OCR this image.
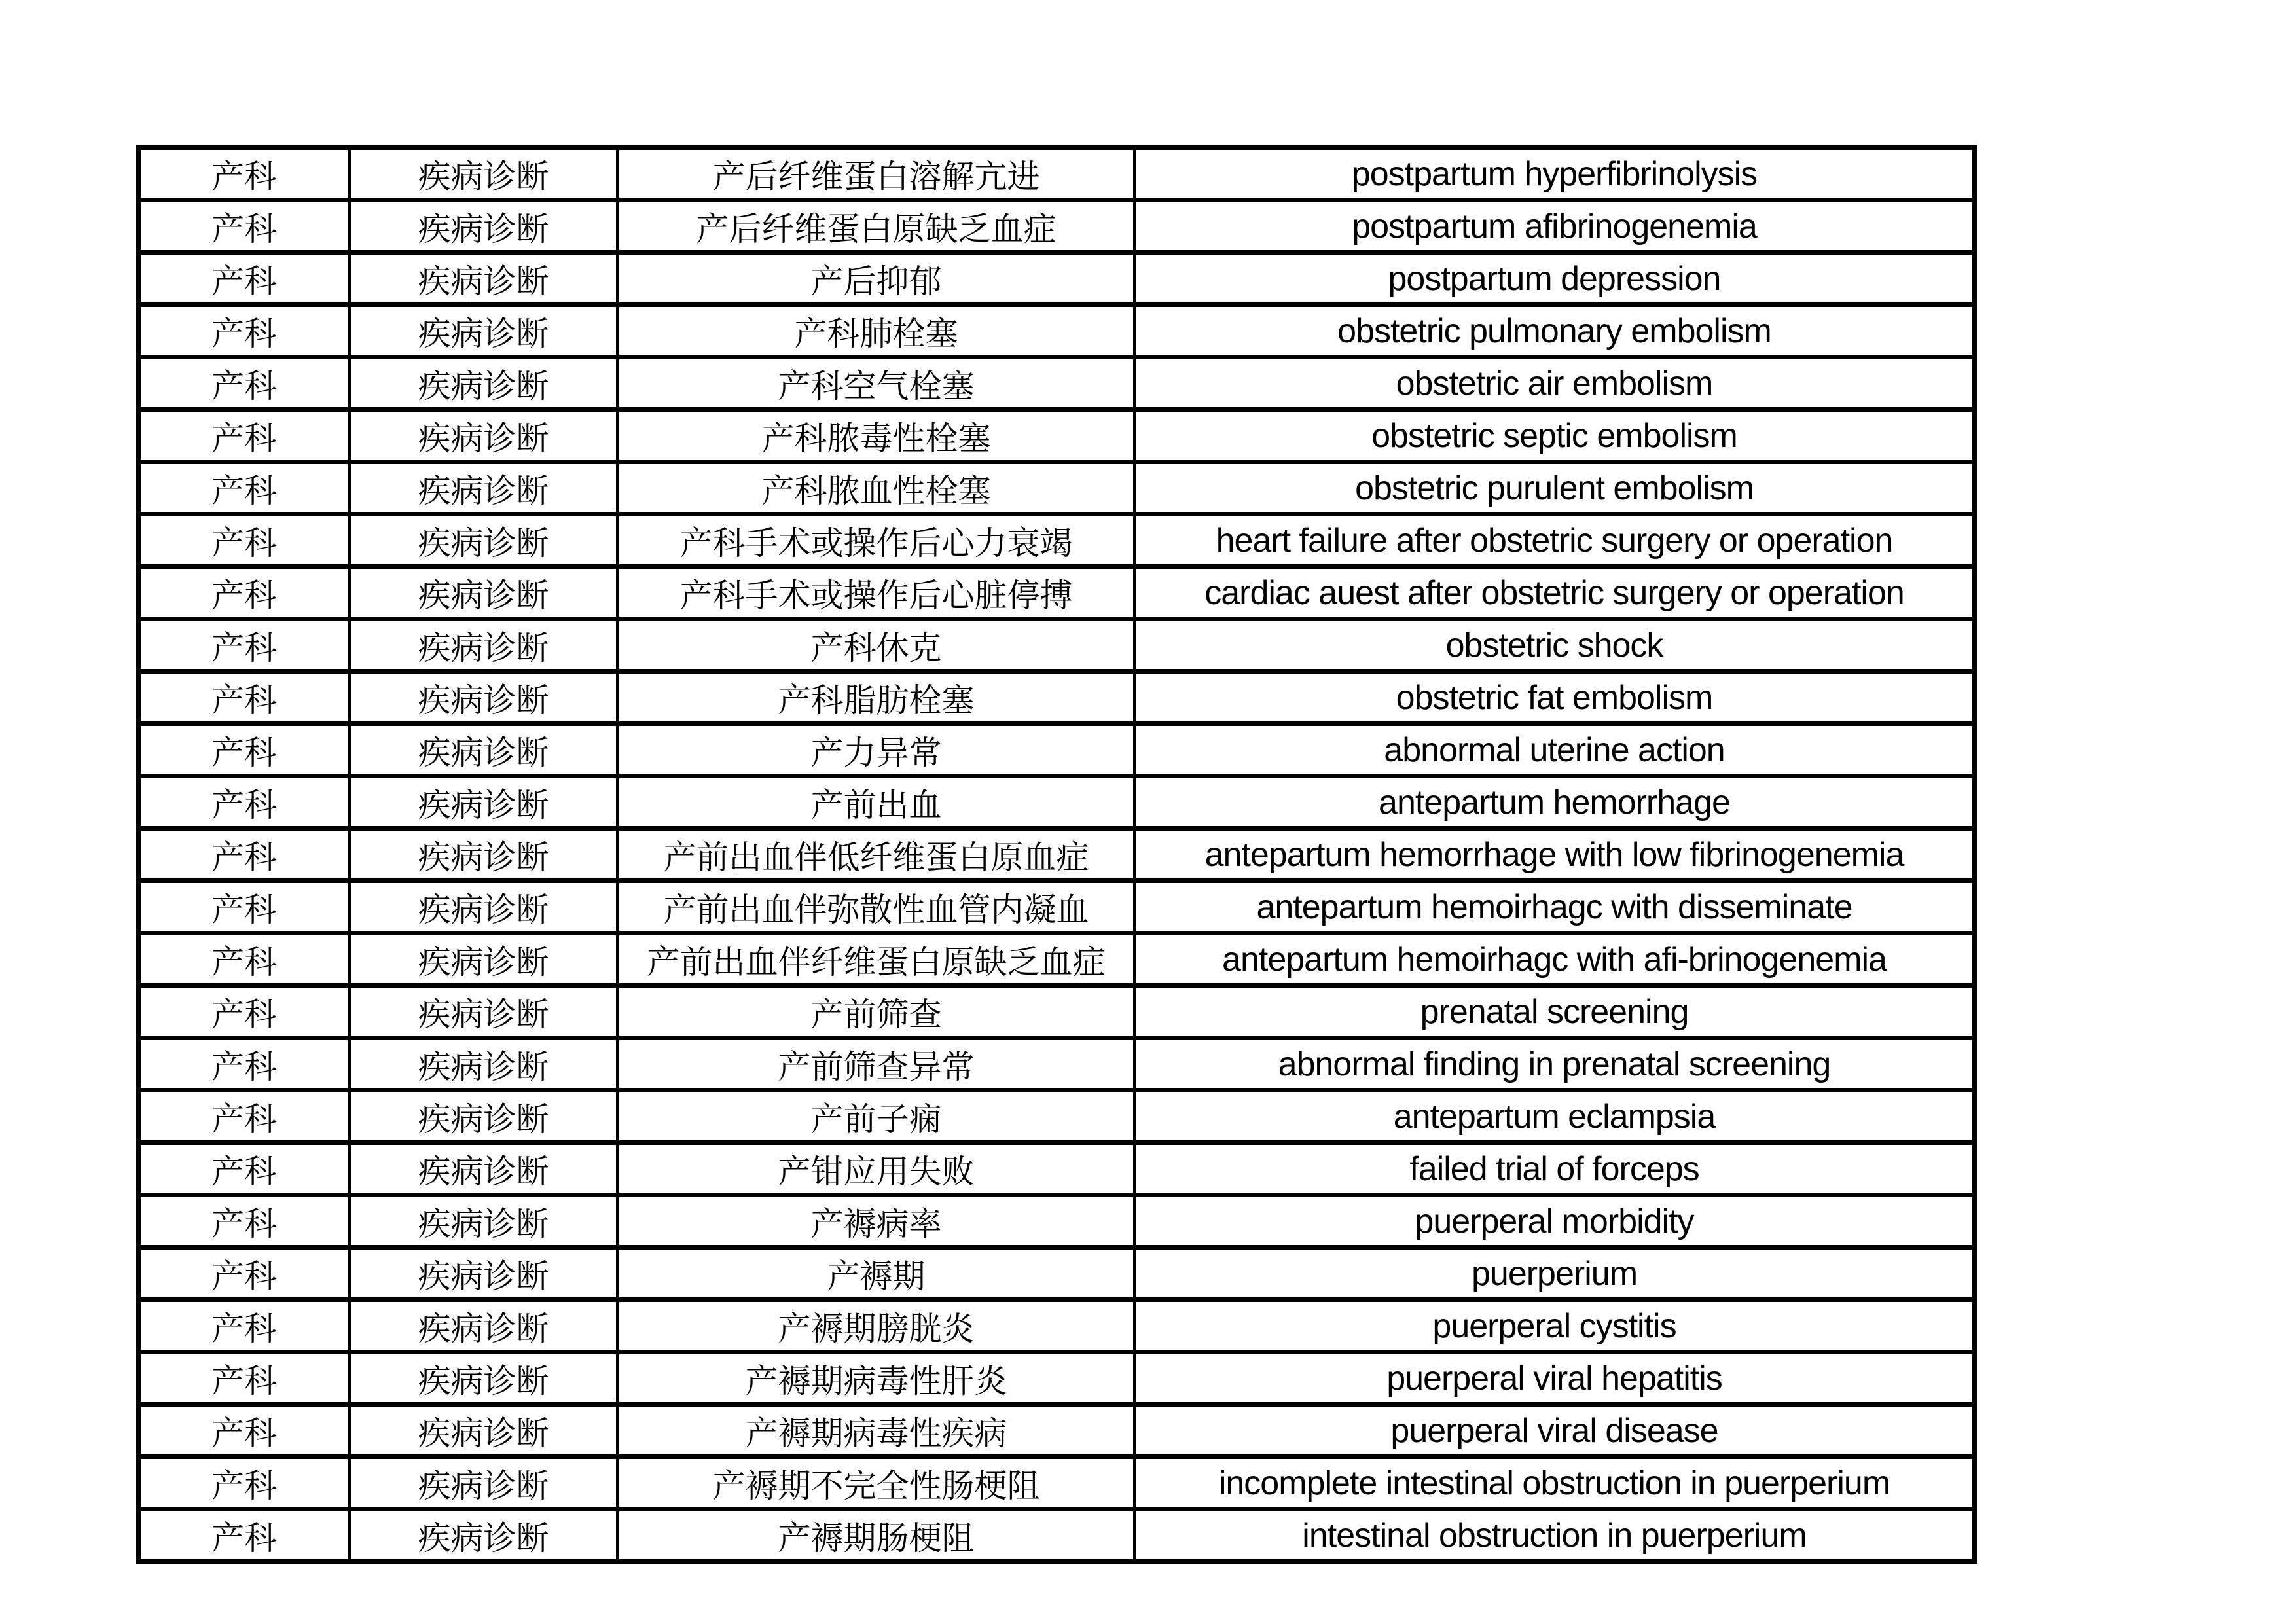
产科	疾病诊断	产后纤维蛋白溶解亢进	postpartum hyperfibrinolysis
产科	疾病诊断	产后纤维蛋白原缺乏血症	postpartum afibrinogenemia
产科	疾病诊断	产后抑郁	postpartum depression
产科	疾病诊断	产科肺栓塞	obstetric pulmonary embolism
产科	疾病诊断	产科空气栓塞	obstetric air embolism
产科	疾病诊断	产科脓毒性栓塞	obstetric septic embolism
产科	疾病诊断	产科脓血性栓塞	obstetric purulent embolism
产科	疾病诊断	产科手术或操作后心力衰竭	heart failure after obstetric surgery or operation
产科	疾病诊断	产科手术或操作后心脏停搏	cardiac auest after obstetric surgery or operation
产科	疾病诊断	产科休克	obstetric shock
产科	疾病诊断	产科脂肪栓塞	obstetric fat embolism
产科	疾病诊断	产力异常	abnormal uterine action
产科	疾病诊断	产前出血	antepartum hemorrhage
产科	疾病诊断	产前出血伴低纤维蛋白原血症	antepartum hemorrhage with low fibrinogenemia
产科	疾病诊断	产前出血伴弥散性血管内凝血	antepartum hemoirhagc with disseminate
产科	疾病诊断	产前出血伴纤维蛋白原缺乏血症	antepartum hemoirhagc with afi-brinogenemia
产科	疾病诊断	产前筛查	prenatal screening
产科	疾病诊断	产前筛查异常	abnormal finding in prenatal screening
产科	疾病诊断	产前子痫	antepartum eclampsia
产科	疾病诊断	产钳应用失败	failed trial of forceps
产科	疾病诊断	产褥病率	puerperal morbidity
产科	疾病诊断	产褥期	puerperium
产科	疾病诊断	产褥期膀胱炎	puerperal cystitis
产科	疾病诊断	产褥期病毒性肝炎	puerperal viral hepatitis
产科	疾病诊断	产褥期病毒性疾病	puerperal viral disease
产科	疾病诊断	产褥期不完全性肠梗阻	incomplete intestinal obstruction in puerperium
产科	疾病诊断	产褥期肠梗阻	intestinal obstruction in puerperium
